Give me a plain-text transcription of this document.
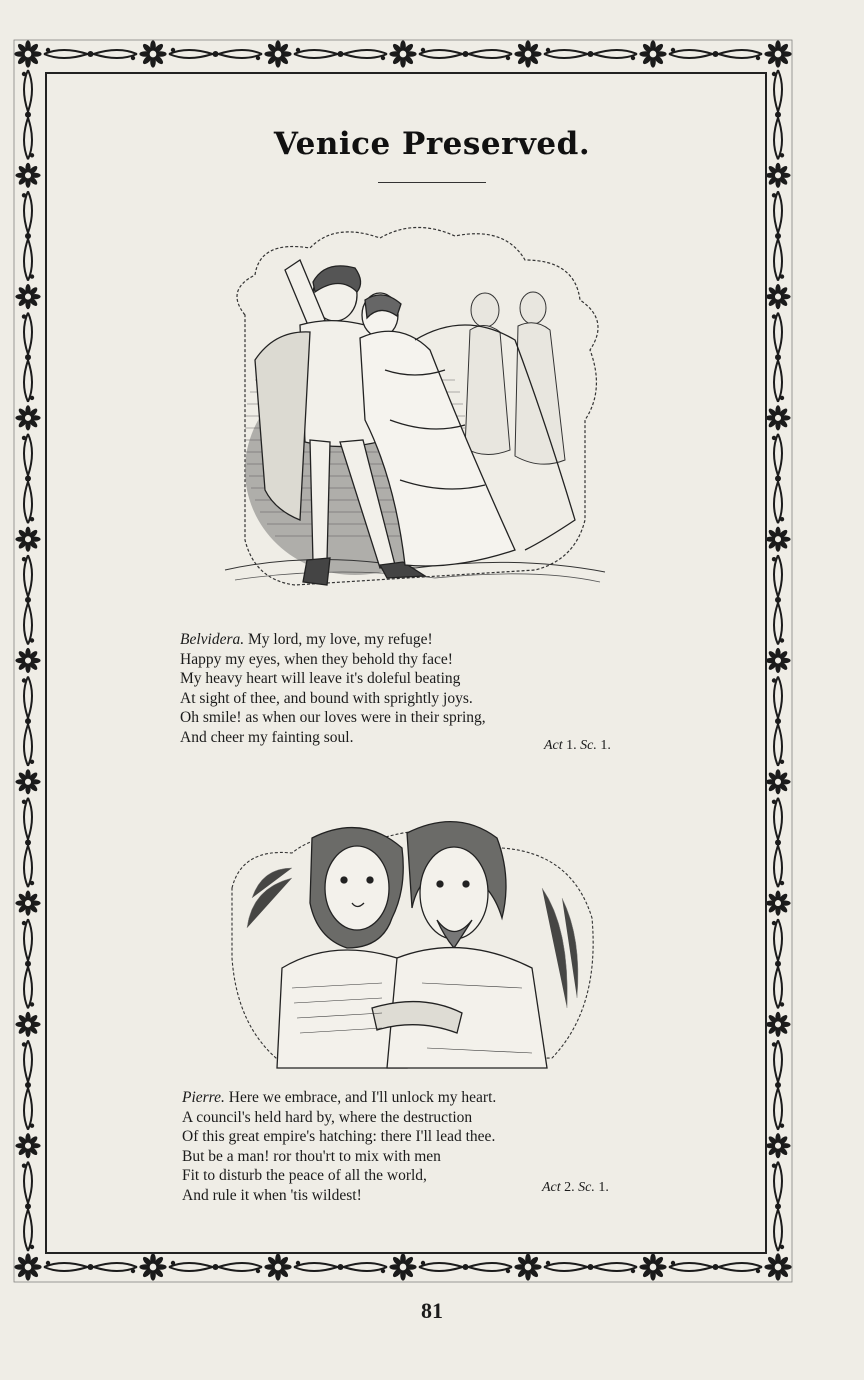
Venice Preserved.
Belvidera. My lord, my love, my refuge!
Happy my eyes, when they behold thy face!
My heavy heart will leave it's doleful beating
At sight of thee, and bound with sprightly joys.
Oh smile! as when our loves were in their spring,
And cheer my fainting soul.	Act 1. Sc. 1.
Pierre. Here we embrace, and I'll unlock my heart.
A council's held hard by, where the destruction
Of this great empire's hatching: there I'll lead thee.
But be a man! ror thou'rt to mix with men
Fit to disturb the peace of all the world,
And rule it when 'tis wildest!	Act 2. Sc. 1.
81
